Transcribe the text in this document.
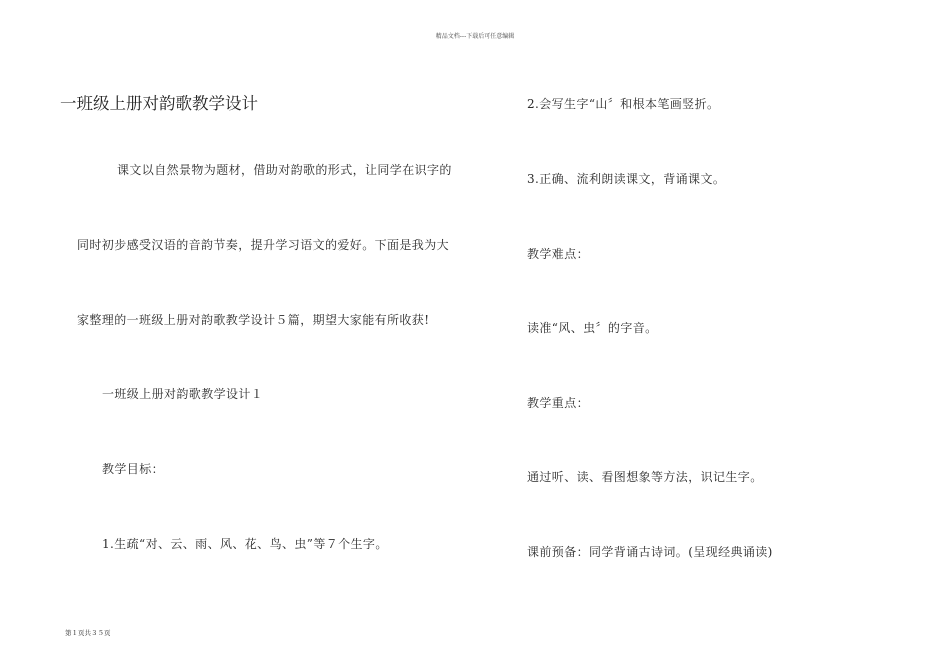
精品文档---下载后可任意编辑
一班级上册对韵歌教学设计
课文以自然景物为题材，借助对韵歌的形式，让同学在识字的
同时初步感受汉语的音韵节奏，提升学习语文的爱好。下面是我为大
家整理的一班级上册对韵歌教学设计５篇，期望大家能有所收获!
一班级上册对韵歌教学设计１
教学目标：
1.生疏“对、云、雨、风、花、鸟、虫”等７个生字。
2.会写生字“山〞和根本笔画竖折。
3.正确、流利朗读课文，背诵课文。
教学难点：
读准“风、虫〞的字音。
教学重点：
通过听、读、看图想象等方法，识记生字。
课前预备：同学背诵古诗词。(呈现经典诵读)
第１页共３５页
